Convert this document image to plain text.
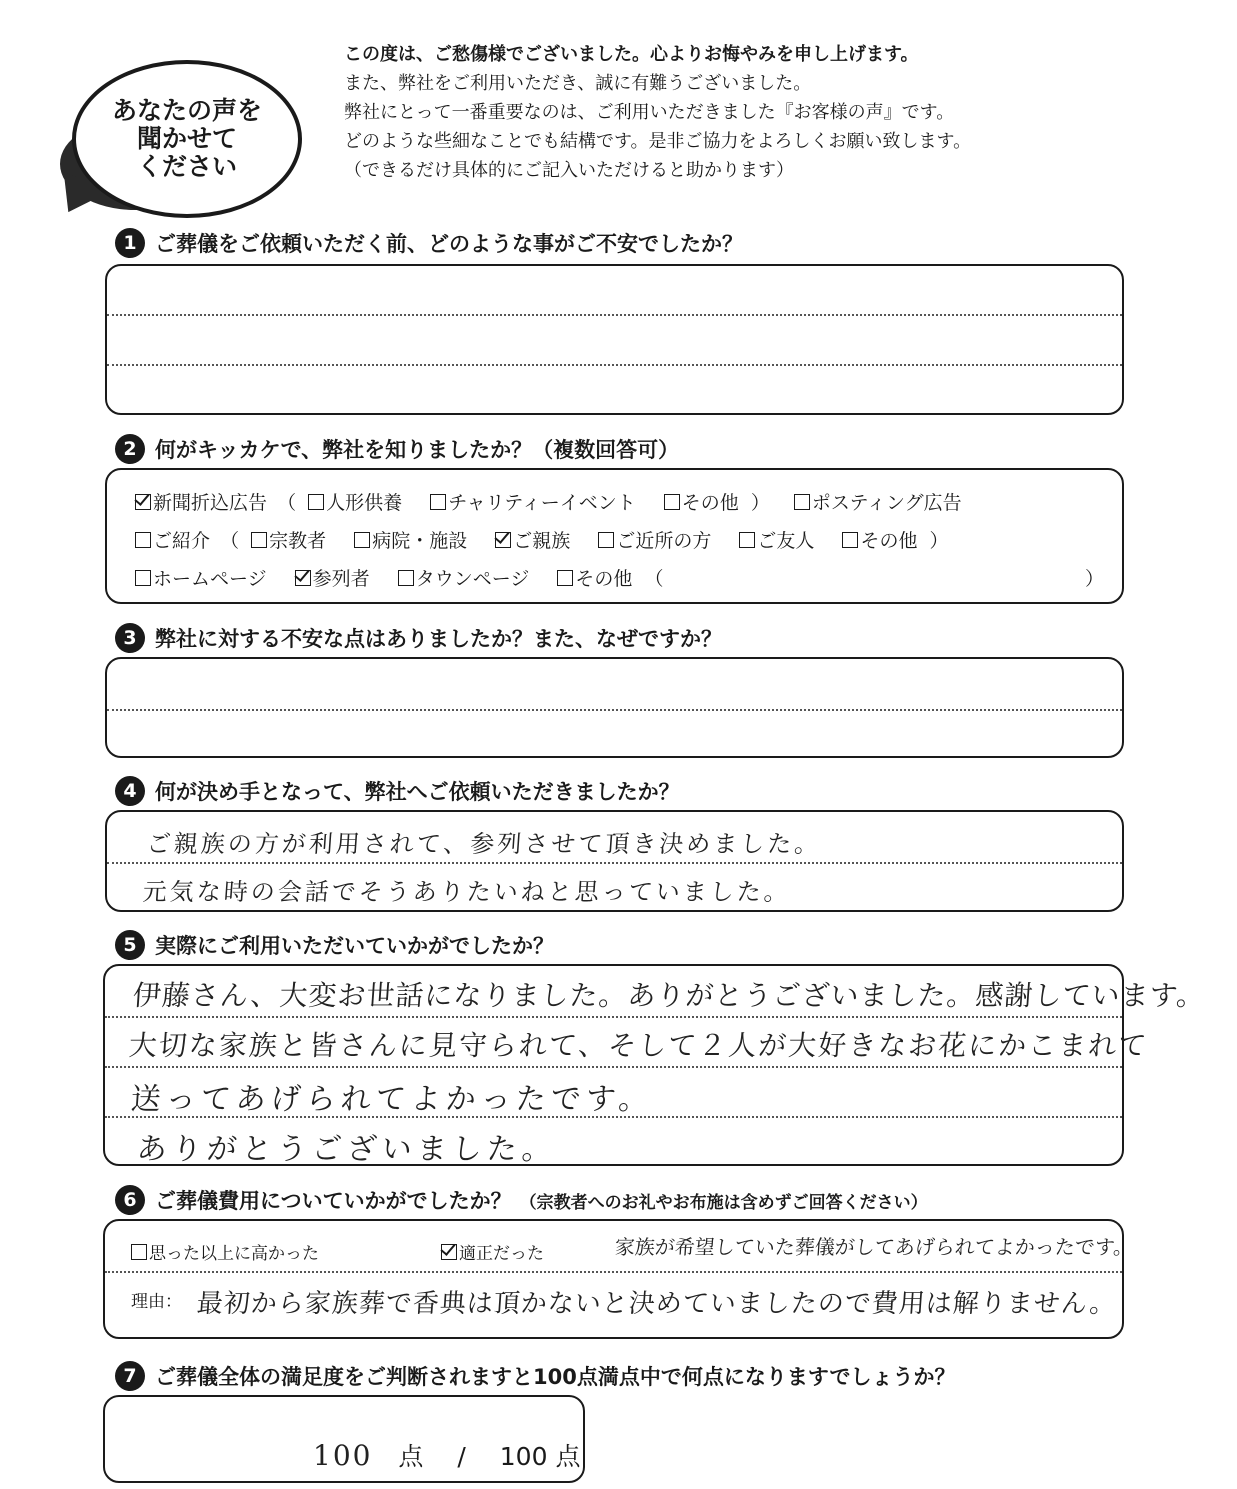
あなたの声を
聞かせて
ください
この度は、ご愁傷様でございました。心よりお悔やみを申し上げます。
また、弊社をご利用いただき、誠に有難うございました。
弊社にとって一番重要なのは、ご利用いただきました『お客様の声』です。
どのような些細なことでも結構です。是非ご協力をよろしくお願い致します。
（できるだけ具体的にご記入いただけると助かります）
1 ご葬儀をご依頼いただく前、どのような事がご不安でしたか？
2 何がキッカケで、弊社を知りましたか？（複数回答可）
新聞折込広告 （ 人形供養 チャリティーイベント その他 ） ポスティング広告
ご紹介 （ 宗教者 病院・施設 ご親族 ご近所の方 ご友人 その他 ）
ホームページ 参列者 タウンページ その他 （	）
3 弊社に対する不安な点はありましたか？また、なぜですか？
4 何が決め手となって、弊社へご依頼いただきましたか？
ご親族の方が利用されて、参列させて頂き決めました。
元気な時の会話でそうありたいねと思っていました。
5 実際にご利用いただいていかがでしたか？
伊藤さん、大変お世話になりました。ありがとうございました。感謝しています。
大切な家族と皆さんに見守られて、そして２人が大好きなお花にかこまれて
送ってあげられてよかったです。
ありがとうございました。
6 ご葬儀費用についていかがでしたか？ （宗教者へのお礼やお布施は含めずご回答ください）
思った以上に高かった	適正だった	家族が希望していた葬儀がしてあげられてよかったです。
理由： 最初から家族葬で香典は頂かないと決めていましたので費用は解りません。
7 ご葬儀全体の満足度をご判断されますと100点満点中で何点になりますでしょうか？
100 点 / 100 点
